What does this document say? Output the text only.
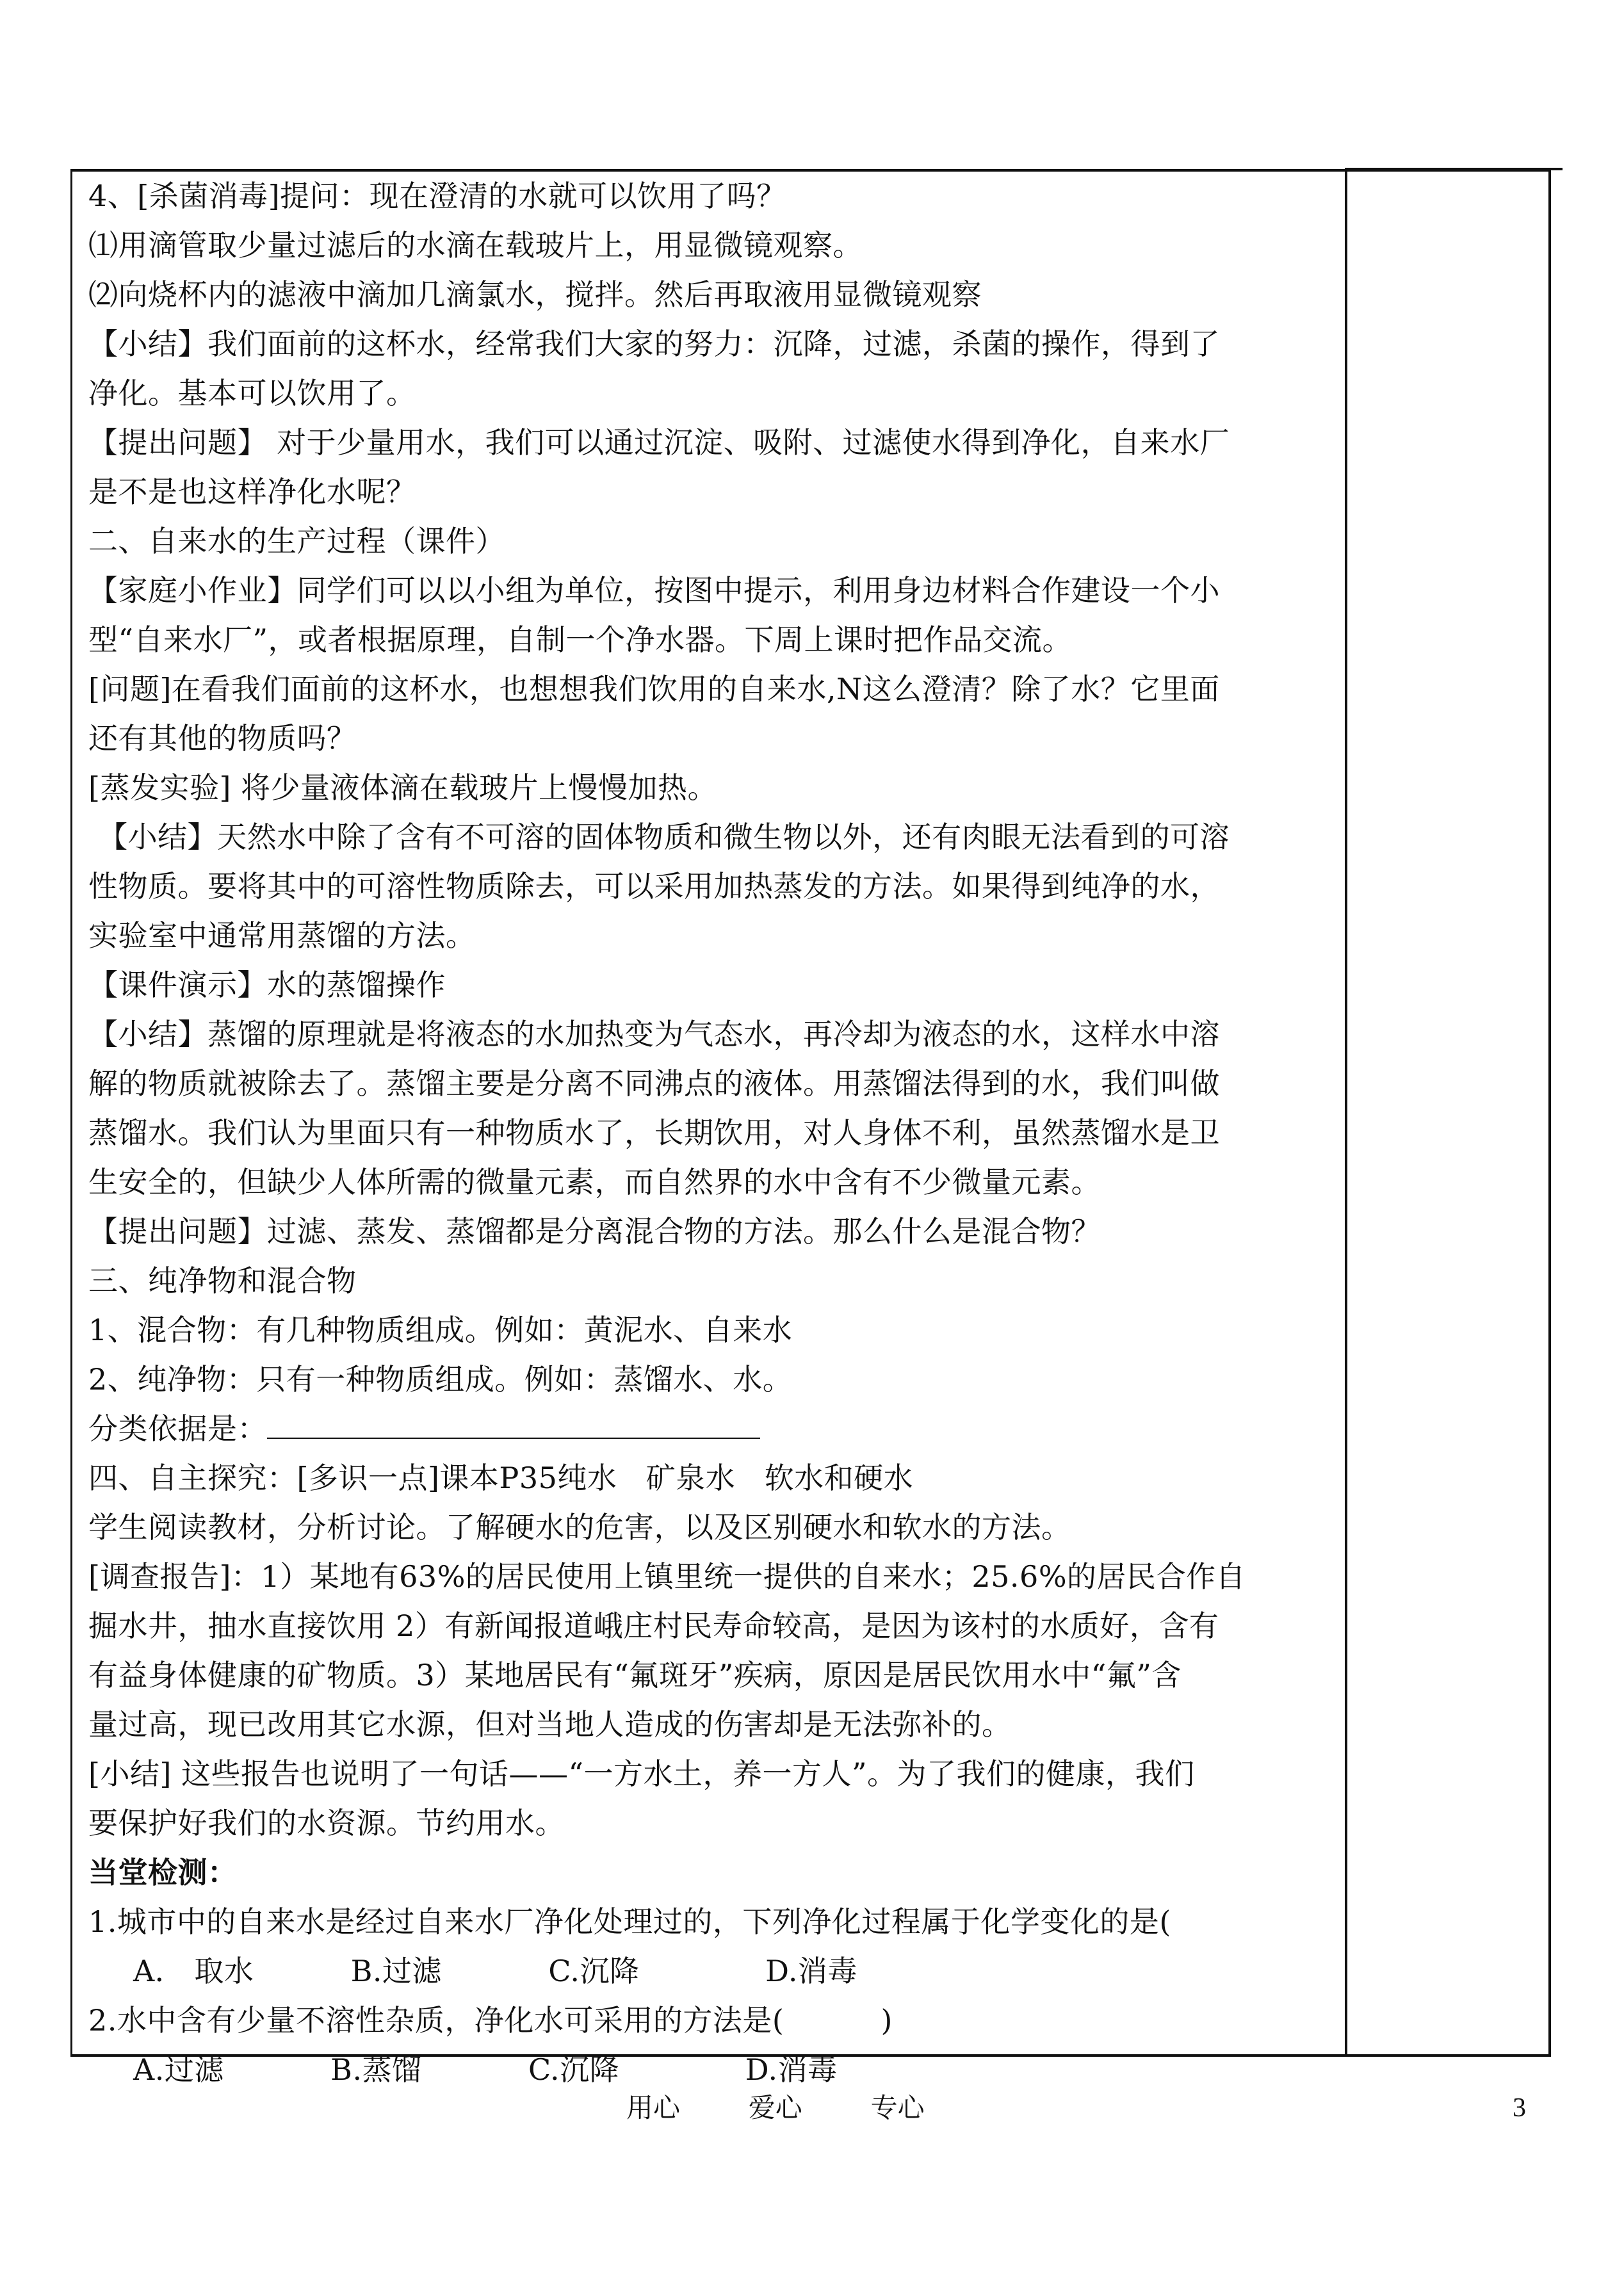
4、[杀菌消毒]提问：现在澄清的水就可以饮用了吗？
⑴用滴管取少量过滤后的水滴在载玻片上，用显微镜观察。
⑵向烧杯内的滤液中滴加几滴氯水，搅拌。然后再取液用显微镜观察
【小结】我们面前的这杯水，经常我们大家的努力：沉降，过滤，杀菌的操作，得到了
净化。基本可以饮用了。
【提出问题】 对于少量用水，我们可以通过沉淀、吸附、过滤使水得到净化，自来水厂
是不是也这样净化水呢？
二、自来水的生产过程（课件）
【家庭小作业】同学们可以以小组为单位，按图中提示，利用身边材料合作建设一个小
型“自来水厂”，或者根据原理，自制一个净水器。下周上课时把作品交流。
[问题]在看我们面前的这杯水，也想想我们饮用的自来水,N这么澄清？除了水？它里面
还有其他的物质吗？
[蒸发实验] 将少量液体滴在载玻片上慢慢加热。
【小结】天然水中除了含有不可溶的固体物质和微生物以外，还有肉眼无法看到的可溶
性物质。要将其中的可溶性物质除去，可以采用加热蒸发的方法。如果得到纯净的水，
实验室中通常用蒸馏的方法。
【课件演示】水的蒸馏操作
【小结】蒸馏的原理就是将液态的水加热变为气态水，再冷却为液态的水，这样水中溶
解的物质就被除去了。蒸馏主要是分离不同沸点的液体。用蒸馏法得到的水，我们叫做
蒸馏水。我们认为里面只有一种物质水了，长期饮用，对人身体不利，虽然蒸馏水是卫
生安全的，但缺少人体所需的微量元素，而自然界的水中含有不少微量元素。
【提出问题】过滤、蒸发、蒸馏都是分离混合物的方法。那么什么是混合物？
三、纯净物和混合物
1、混合物：有几种物质组成。例如：黄泥水、自来水
2、纯净物：只有一种物质组成。例如：蒸馏水、水。
分类依据是：
四、自主探究：[多识一点]课本P35纯水   矿泉水   软水和硬水
学生阅读教材，分析讨论。了解硬水的危害，以及区别硬水和软水的方法。
[调查报告]：1）某地有63%的居民使用上镇里统一提供的自来水；25.6%的居民合作自
掘水井，抽水直接饮用 2）有新闻报道峨庄村民寿命较高，是因为该村的水质好，含有
有益身体健康的矿物质。3）某地居民有“氟斑牙”疾病，原因是居民饮用水中“氟”含
量过高，现已改用其它水源，但对当地人造成的伤害却是无法弥补的。
[小结] 这些报告也说明了一句话——“一方水土，养一方人”。为了我们的健康，我们
要保护好我们的水资源。节约用水。
当堂检测：
1.城市中的自来水是经过自来水厂净化处理过的，下列净化过程属于化学变化的是(
A． 取水          B.过滤           C.沉降             D.消毒
2.水中含有少量不溶性杂质，净化水可采用的方法是(          )
A.过滤           B.蒸馏           C.沉降             D.消毒
用心        爱心        专心	3
